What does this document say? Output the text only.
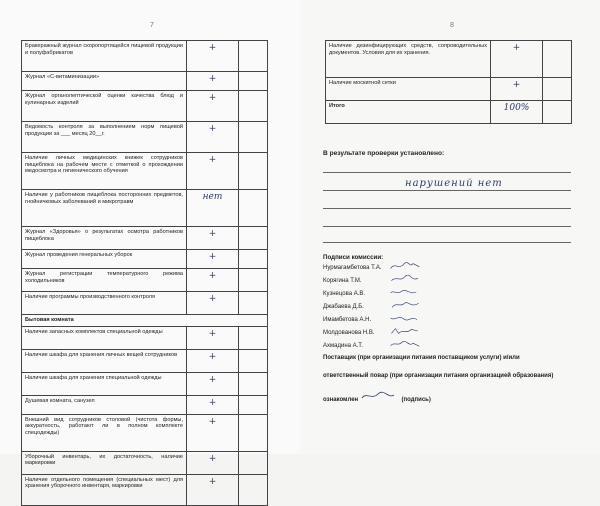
7
Бракеражный журнал скоропортящейся пищевой продукции и полуфабрикатов	+	
Журнал «С-витаминизации»	+	
Журнал органолептической оценки качества блюд и кулинарных изделий	+	
Ведомость контроля за выполнением норм пищевой продукции за ___ месяц 20__г.	+	
Наличие личных медицинских книжек сотрудников пищеблока на рабочем месте с отметкой о прохождении медосмотра и гигиенического обучения	+	
Наличие у работников пищеблока посторонних предметов, гнойничковых заболеваний и микротравм	нет	
Журнал «Здоровья» о результатах осмотра работников пищеблока	+	
Журнал проведения генеральных уборок	+	
Журнал регистрации температурного режима холодильников	+	
Наличие программы производственного контроля	+	
Бытовая комната		
Наличие запасных комплектов специальной одежды	+	
Наличие шкафа для хранения личных вещей сотрудников	+	
Наличие шкафа для хранения специальной одежды	+	
Душевая комната, санузел	+	
Внешний вид сотрудников столовой (чистота формы, аккуратность, работают ли в полном комплекте спецодежды)	+	
Уборочный инвентарь, их достаточность, наличие маркировки	+	
Наличие отдельного помещения (специальных мест) для хранения уборочного инвентаря, маркировки	+	
8
Наличие дезинфицирующих средств, сопроводительных документов. Условия для их хранения.	+	
Наличие москитной сетки	+	
Итого	100%	
В результате проверки установлено:
нарушений нет
Подписи комиссии:
Нурмагамбетова Т.А.
Корягина Т.М.
Кузнецова А.В.
Джабаева Д.Б.
Имамбетова А.Н.
Молдованова Н.В.
Ахмадина А.Т.
Поставщик (при организации питания поставщиком услуги) и/или
ответственный повар (при организации питания организацией образования)
ознакомлен	(подпись)
